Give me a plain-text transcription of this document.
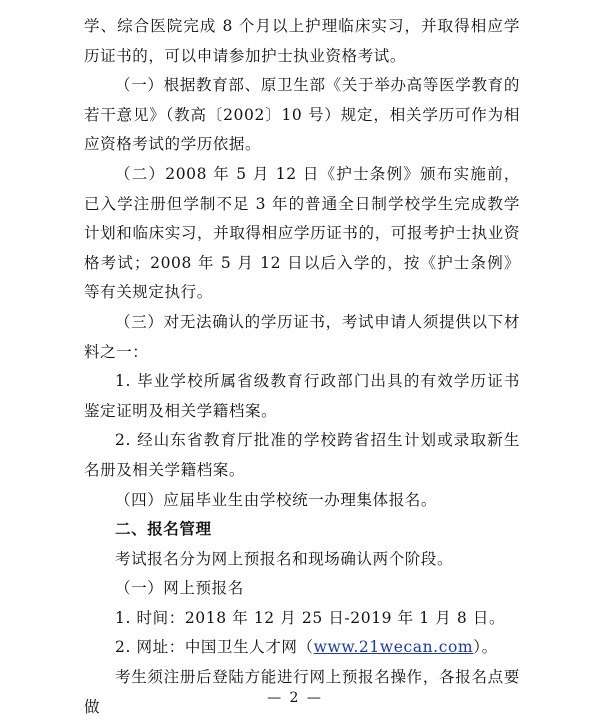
学、综合医院完成 8 个月以上护理临床实习，并取得相应学历证书的，可以申请参加护士执业资格考试。

（一）根据教育部、原卫生部《关于举办高等医学教育的若干意见》（教高〔2002〕10 号）规定，相关学历可作为相应资格考试的学历依据。

（二）2008 年 5 月 12 日《护士条例》颁布实施前，已入学注册但学制不足 3 年的普通全日制学校学生完成教学计划和临床实习，并取得相应学历证书的，可报考护士执业资格考试；2008 年 5 月 12 日以后入学的，按《护士条例》等有关规定执行。

（三）对无法确认的学历证书，考试申请人须提供以下材料之一：

1. 毕业学校所属省级教育行政部门出具的有效学历证书鉴定证明及相关学籍档案。

2. 经山东省教育厅批准的学校跨省招生计划或录取新生名册及相关学籍档案。

（四）应届毕业生由学校统一办理集体报名。

二、报名管理

考试报名分为网上预报名和现场确认两个阶段。

（一）网上预报名

1. 时间：2018 年 12 月 25 日-2019 年 1 月 8 日。

2. 网址：中国卫生人才网（www.21wecan.com）。

考生须注册后登陆方能进行网上预报名操作，各报名点要做	— 2 —
